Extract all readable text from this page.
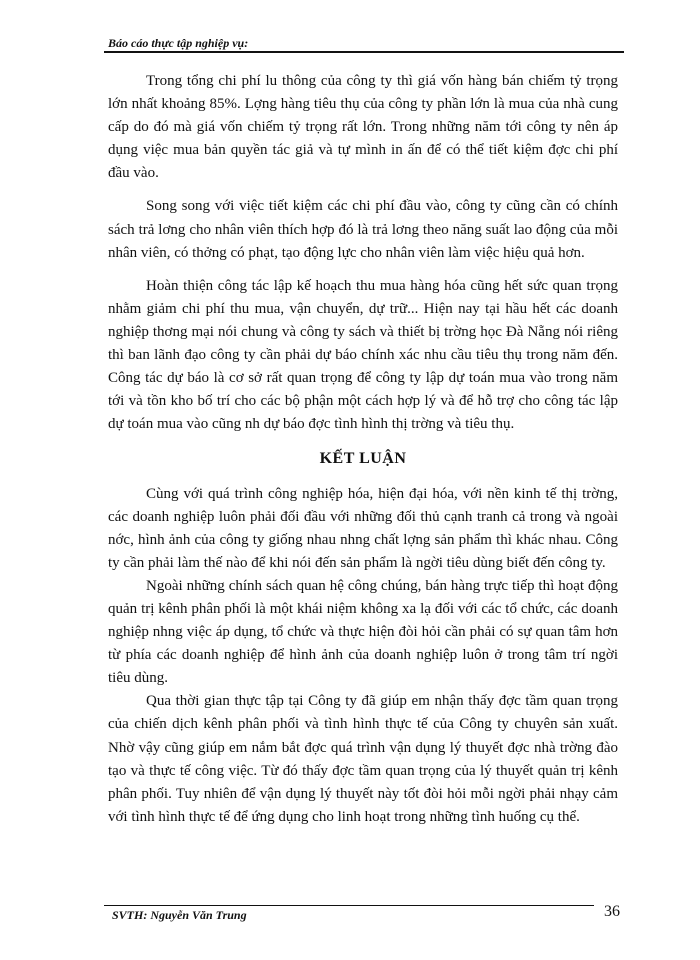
Báo cáo thực tập nghiệp vụ:

Trong tổng chi phí lu thông của công ty thì giá vốn hàng bán chiếm tỷ trọng lớn nhất khoảng 85%. Lợng hàng tiêu thụ của công ty phần lớn là mua của nhà cung cấp do đó mà giá vốn chiếm tỷ trọng rất lớn. Trong những năm tới công ty nên áp dụng việc mua bản quyền tác giả và tự mình in ấn để có thể tiết kiệm đợc chi phí đầu vào.

Song song với việc tiết kiệm các chi phí đầu vào, công ty cũng cần có chính sách trả lơng cho nhân viên thích hợp đó là trả lơng theo năng suất lao động của mỗi nhân viên, có thởng có phạt, tạo động lực cho nhân viên làm việc hiệu quả hơn.

Hoàn thiện công tác lập kế hoạch thu mua hàng hóa cũng hết sức quan trọng nhằm giảm chi phí thu mua, vận chuyển, dự trữ... Hiện nay tại hầu hết các doanh nghiệp thơng mại nói chung và công ty sách và thiết bị trờng học Đà Nẵng nói riêng thì ban lãnh đạo công ty cần phải dự báo chính xác nhu cầu tiêu thụ trong năm đến. Công tác dự báo là cơ sở rất quan trọng để công ty lập dự toán mua vào trong năm tới và tồn kho bố trí cho các bộ phận một cách hợp lý và để hỗ trợ cho công tác lập dự toán mua vào cũng nh dự báo đợc tình hình thị trờng và tiêu thụ.

KẾT LUẬN

Cùng với quá trình công nghiệp hóa, hiện đại hóa, với nền kinh tế thị trờng, các doanh nghiệp luôn phải đối đầu với những đối thủ cạnh tranh cả trong và ngoài nớc, hình ảnh của công ty giống nhau nhng chất lợng sản phẩm thì khác nhau. Công ty cần phải làm thế nào để khi nói đến sản phẩm là ngời tiêu dùng biết đến công ty.

Ngoài những chính sách quan hệ công chúng, bán hàng trực tiếp thì hoạt động quản trị kênh phân phối là một khái niệm không xa lạ đối với các tổ chức, các doanh nghiệp nhng việc áp dụng, tổ chức và thực hiện đòi hỏi cần phải có sự quan tâm hơn từ phía các doanh nghiệp để hình ảnh của doanh nghiệp luôn ở trong tâm trí ngời tiêu dùng.

Qua thời gian thực tập tại Công ty đã giúp em nhận thấy đợc tầm quan trọng của chiến dịch kênh phân phối và tình hình thực tế của Công ty chuyên sản xuất. Nhờ vậy cũng giúp em nắm bắt đợc quá trình vận dụng lý thuyết đợc nhà trờng đào tạo và thực tế công việc. Từ đó thấy đợc tầm quan trọng của lý thuyết quản trị kênh phân phối. Tuy nhiên để vận dụng lý thuyết này tốt đòi hỏi mỗi ngời phải nhạy cảm với tình hình thực tế để ứng dụng cho linh hoạt trong những tình huống cụ thể.

SVTH: Nguyễn Văn Trung	36
